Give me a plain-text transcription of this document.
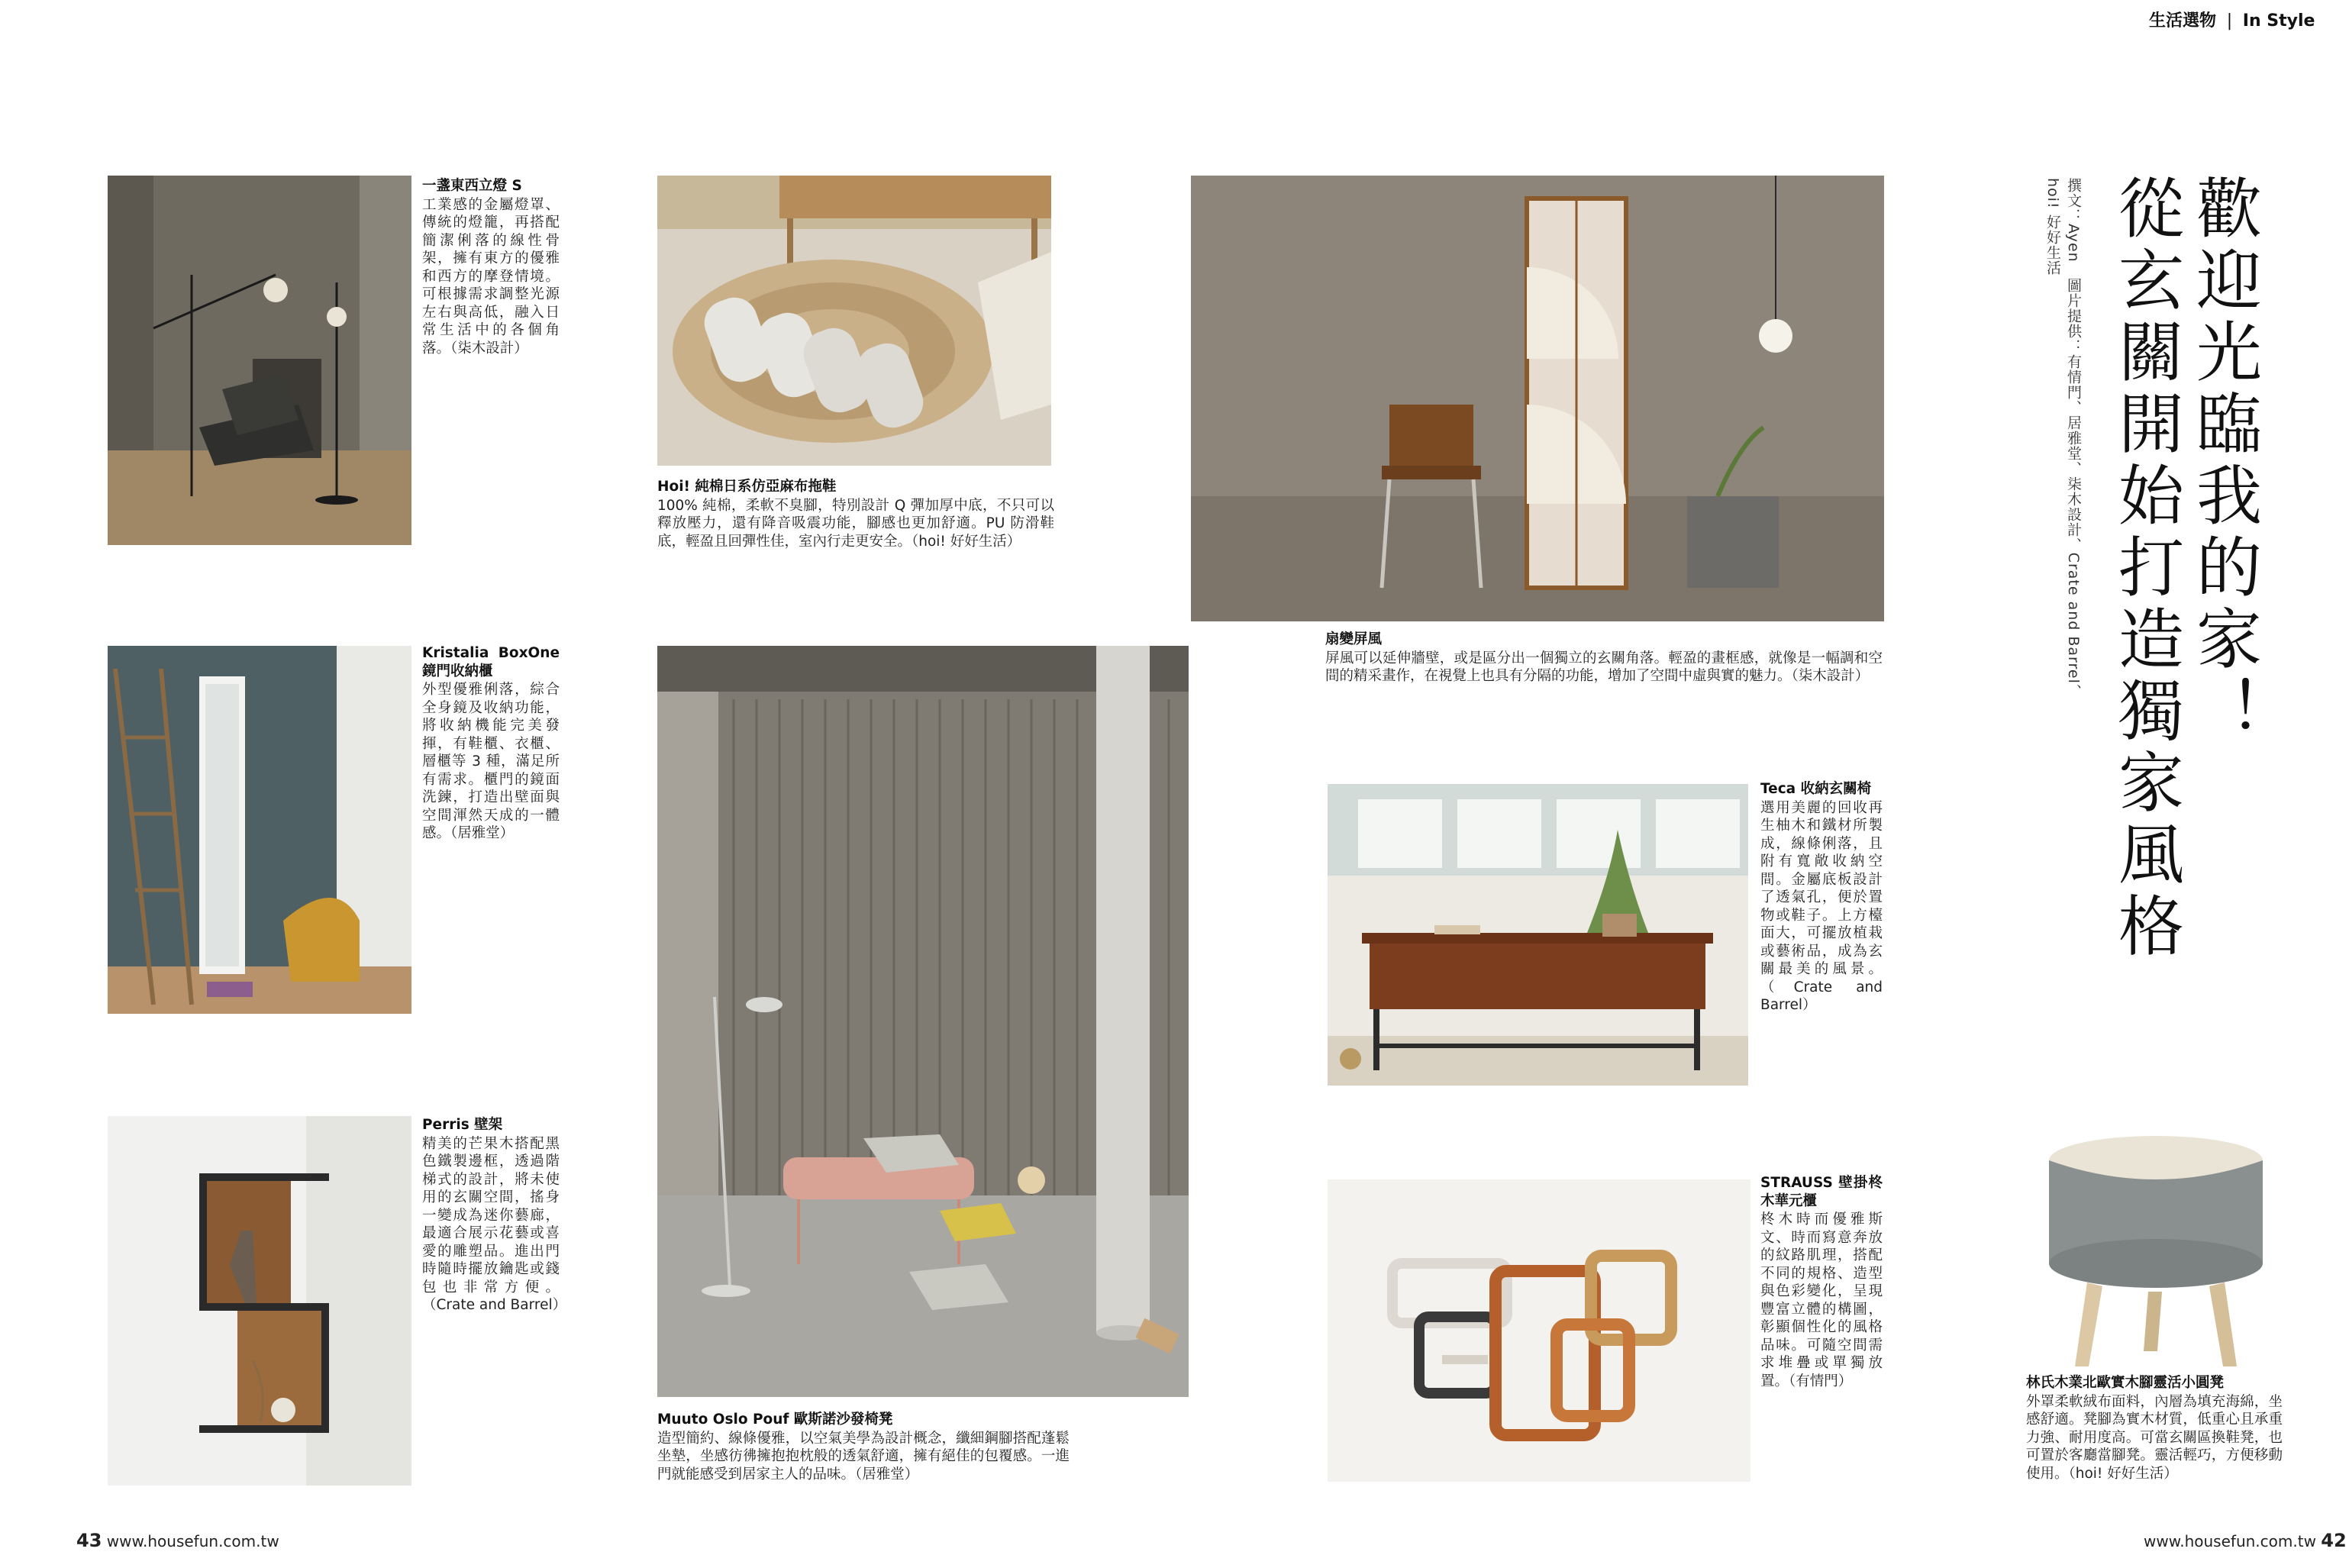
生活選物 | In Style
歡迎光臨我的家！
從玄關開始打造獨家風格
撰文：Ayen　圖片提供：有情門、居雅堂、柒木設計、Crate and Barrel、hoi! 好好生活
一盞東西立燈 S
工業感的金屬燈罩、傳統的燈籠，再搭配簡潔俐落的線性骨架，擁有東方的優雅和西方的摩登情境。可根據需求調整光源左右與高低，融入日常生活中的各個角落。（柒木設計）
Hoi! 純棉日系仿亞麻布拖鞋
100% 純棉，柔軟不臭腳，特別設計 Q 彈加厚中底，不只可以釋放壓力，還有降音吸震功能，腳感也更加舒適。PU 防滑鞋底，輕盈且回彈性佳，室內行走更安全。（hoi! 好好生活）
扇變屏風
屏風可以延伸牆壁，或是區分出一個獨立的玄關角落。輕盈的畫框感，就像是一幅調和空間的精采畫作，在視覺上也具有分隔的功能，增加了空間中虛與實的魅力。（柒木設計）
Kristalia BoxOne 鏡門收納櫃
外型優雅俐落，綜合全身鏡及收納功能，將收納機能完美發揮，有鞋櫃、衣櫃、層櫃等 3 種，滿足所有需求。櫃門的鏡面洗鍊，打造出壁面與空間渾然天成的一體感。（居雅堂）
Muuto Oslo Pouf 歐斯諾沙發椅凳
造型簡約、線條優雅，以空氣美學為設計概念，纖細鋼腳搭配蓬鬆坐墊，坐感彷彿擁抱抱枕般的透氣舒適，擁有絕佳的包覆感。一進門就能感受到居家主人的品味。（居雅堂）
Teca 收納玄關椅
選用美麗的回收再生柚木和鐵材所製成，線條俐落，且附有寬敞收納空間。金屬底板設計了透氣孔，便於置物或鞋子。上方檯面大，可擺放植栽或藝術品，成為玄關最美的風景。（Crate and Barrel）
Perris 壁架
精美的芒果木搭配黑色鐵製邊框，透過階梯式的設計，將未使用的玄關空間，搖身一變成為迷你藝廊，最適合展示花藝或喜愛的雕塑品。進出門時隨時擺放鑰匙或錢包也非常方便。（Crate and Barrel）
STRAUSS 壁掛柊木華元櫃
柊木時而優雅斯文、時而寫意奔放的紋路肌理，搭配不同的規格、造型與色彩變化，呈現豐富立體的構圖，彰顯個性化的風格品味。可隨空間需求堆疊或單獨放置。（有情門）	林氏木業北歐實木腳靈活小圓凳
外罩柔軟絨布面料，內層為填充海綿，坐感舒適。凳腳為實木材質，低重心且承重力強、耐用度高。可當玄關區換鞋凳，也可置於客廳當腳凳。靈活輕巧，方便移動使用。（hoi! 好好生活）
43 www.housefun.com.tw	www.housefun.com.tw 42
